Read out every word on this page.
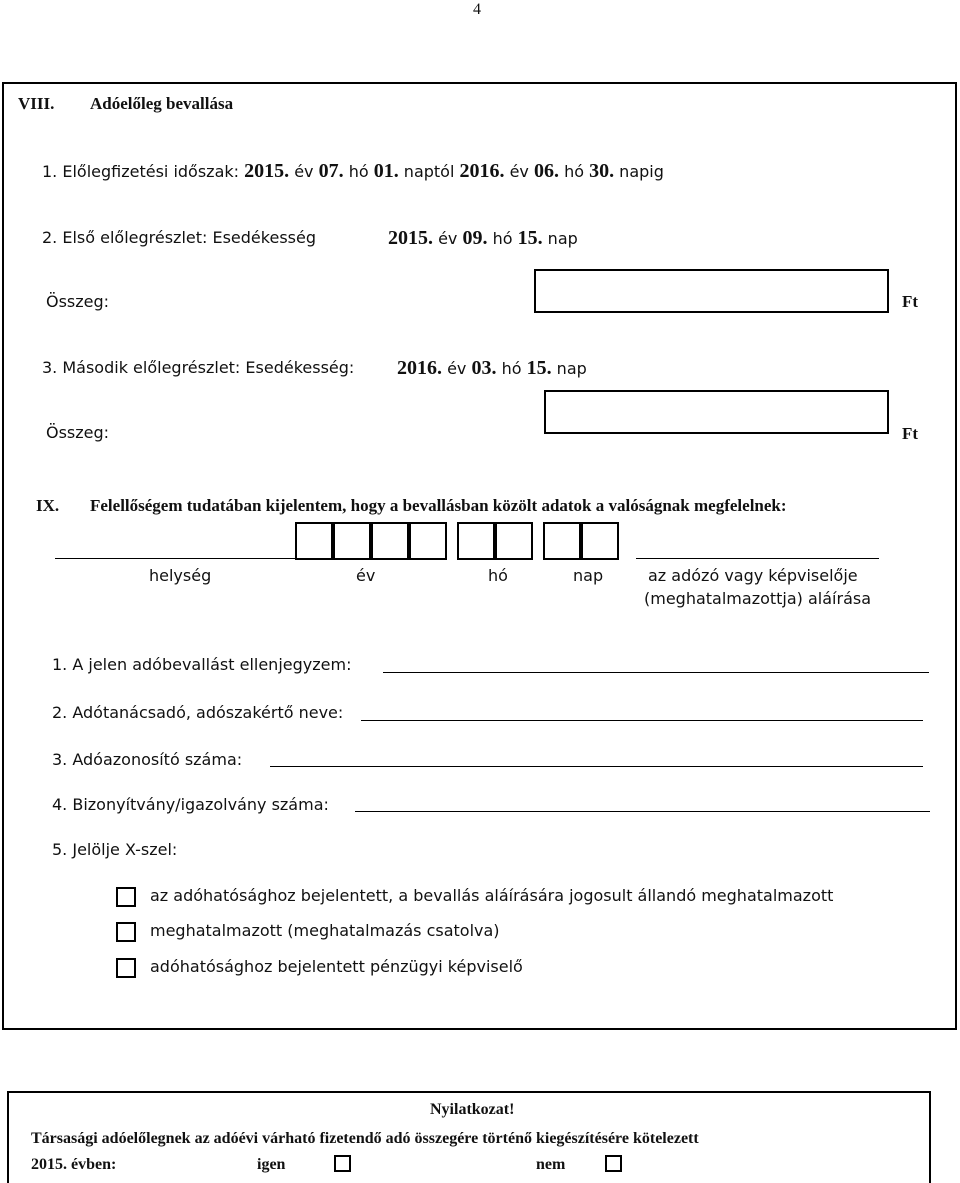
4
VIII. Adóelőleg bevallása
1. Előlegfizetési időszak: 2015. év 07. hó 01. naptól 2016. év 06. hó 30. napig
2. Első előlegrészlet: Esedékesség	2015. év 09. hó 15. nap
Összeg:	Ft
3. Második előlegrészlet: Esedékesség: 2016. év 03. hó 15. nap
Összeg:	Ft
IX. Felellőségem tudatában kijelentem, hogy a bevallásban közölt adatok a valóságnak megfelelnek:
helység	év	hó	nap	az adózó vagy képviselője
(meghatalmazottja) aláírása
1. A jelen adóbevallást ellenjegyzem:
2. Adótanácsadó, adószakértő neve:
3. Adóazonosító száma:
4. Bizonyítvány/igazolvány száma:
5. Jelölje X-szel:
az adóhatósághoz bejelentett, a bevallás aláírására jogosult állandó meghatalmazott
meghatalmazott (meghatalmazás csatolva)
adóhatósághoz bejelentett pénzügyi képviselő
Nyilatkozat!
Társasági adóelőlegnek az adóévi várható fizetendő adó összegére történő kiegészítésére kötelezett
2015. évben:	igen	nem
